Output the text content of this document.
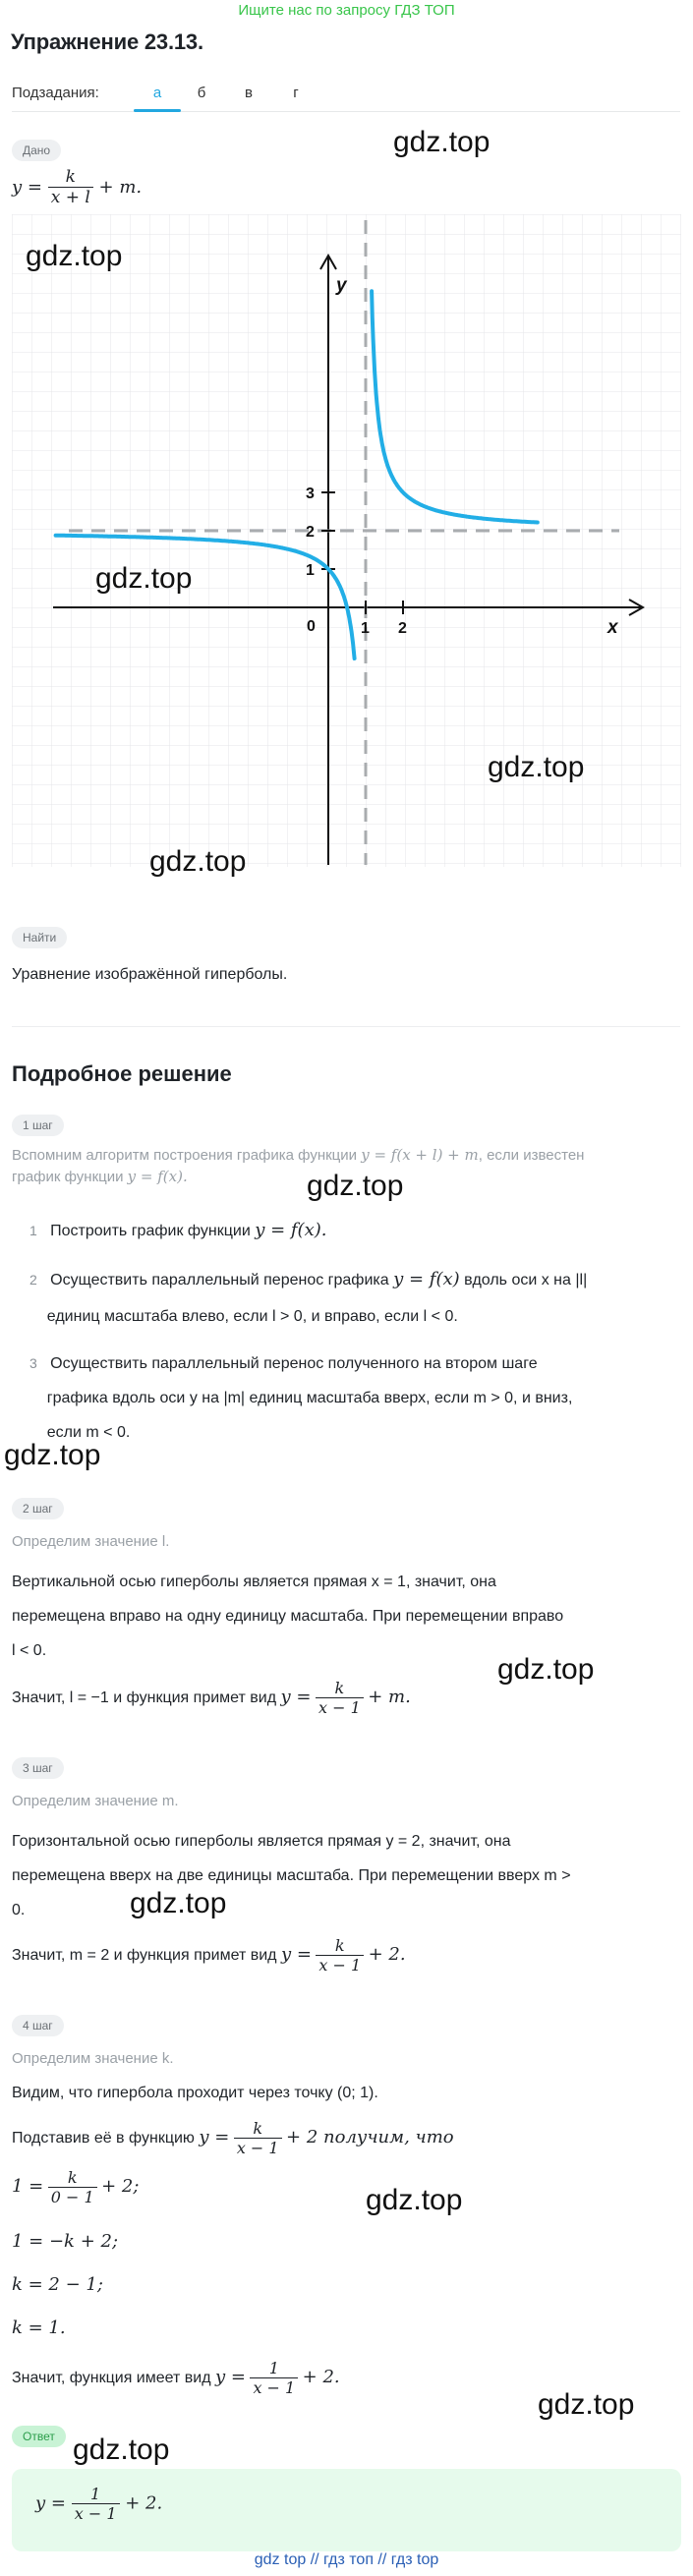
Ищите нас по запросу ГДЗ ТОП
Упражнение 23.13.
Подзадания:	а	б	в	г
Дано
$y = \frac{k}{x + l} + m$.
y
x
0	1 2
1
2
3
gdz.top
gdz.top
gdz.top
gdz.top
gdz.top
Найти
Уравнение изображённой гиперболы.
Подробное решение
1 шаг
Вспомним алгоритм построения графика функции y = f(x + l) + m, если известен
график функции y = f(x).	gdz.top
1 Построить график функции y = f(x).
2 Осуществить параллельный перенос графика y = f(x) вдоль оси x на |l|
единиц масштаба влево, если l > 0, и вправо, если l < 0.
3 Осуществить параллельный перенос полученного на втором шаге
графика вдоль оси y на |m| единиц масштаба вверх, если m > 0, и вниз,
если m < 0.
gdz.top
2 шаг
Определим значение l.
Вертикальной осью гиперболы является прямая x = 1, значит, она
перемещена вправо на одну единицу масштаба. При перемещении вправо
l < 0.
gdz.top
Значит, l = −1 и функция примет вид $y = \frac{k}{x - 1} + m$.
3 шаг
Определим значение m.
Горизонтальной осью гиперболы является прямая y = 2, значит, она
перемещена вверх на две единицы масштаба. При перемещении вверх m >
0.	gdz.top
Значит, m = 2 и функция примет вид $y = \frac{k}{x - 1} + 2$.
4 шаг
Определим значение k.
Видим, что гипербола проходит через точку (0; 1).
Подставив её в функцию $y = \frac{k}{x - 1} + 2$ получим, что
$1 = \frac{k}{0 - 1} + 2$;	gdz.top
1 = −k + 2;
k = 2 − 1;
k = 1.
Значит, функция имеет вид $y = \frac{1}{x - 1} + 2$.
gdz.top
Ответ gdz.top
$y = \frac{1}{x - 1} + 2$.
gdz top // гдз топ // гдз top
